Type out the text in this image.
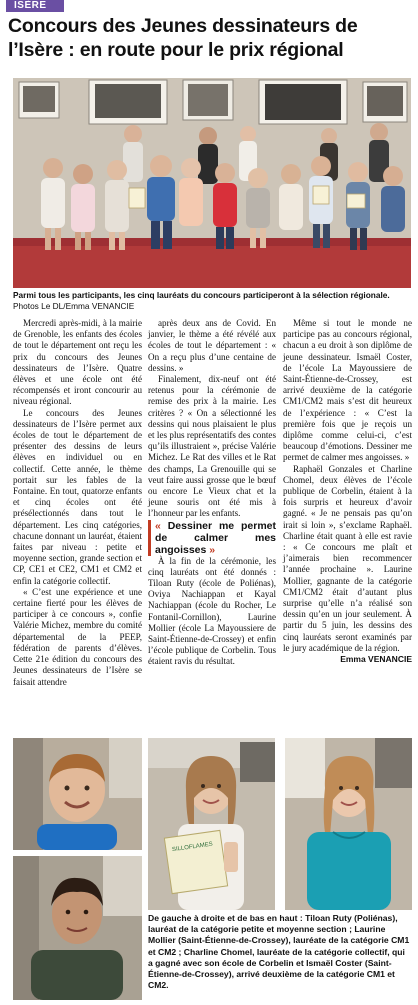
ISÈRE
Concours des Jeunes dessinateurs de l’Isère : en route pour le prix régional

Parmi tous les participants, les cinq lauréats du concours participeront à la sélection régionale. Photos Le DL/Emma VENANCIE

Mercredi après-midi, à la mairie de Grenoble, les enfants des écoles de tout le département ont reçu les prix du concours des Jeunes dessinateurs de l’Isère. Quatre élèves et une école ont été récompensés et iront concourir au niveau régional.

Le concours des Jeunes dessinateurs de l’Isère permet aux écoles de tout le département de présenter des dessins de leurs élèves en individuel ou en collectif. Cette année, le thème portait sur les fables de la Fontaine. En tout, quatorze enfants et cinq écoles ont été présélectionnés dans tout le département. Les cinq catégories, chacune donnant un lauréat, étaient faites par niveau : petite et moyenne section, grande section et CP, CE1 et CE2, CM1 et CM2 et enfin la catégorie collectif.

« C’est une expérience et une certaine fierté pour les élèves de participer à ce concours », confie Valérie Michez, membre du comité départemental de la PEEP, fédération de parents d’élèves. Cette 21e édition du concours des Jeunes dessinateurs de l’Isère se faisait attendre

après deux ans de Covid. En janvier, le thème a été révélé aux écoles de tout le département : « On a reçu plus d’une centaine de dessins. »

Finalement, dix-neuf ont été retenus pour la cérémonie de remise des prix à la mairie. Les critères ? « On a sélectionné les dessins qui nous plaisaient le plus et les plus représentatifs des contes qu’ils illustraient », précise Valérie Michez. Le Rat des villes et le Rat des champs, La Grenouille qui se veut faire aussi grosse que le bœuf ou encore Le Vieux chat et la jeune souris ont été mis à l’honneur par les enfants.

« Dessiner me permet de calmer mes angoisses »

À la fin de la cérémonie, les cinq lauréats ont été donnés : Tiloan Ruty (école de Poliénas), Oviya Nachiappan et Kayal Nachiappan (école du Rocher, Le Fontanil-Cornillon), Laurine Mollier (école La Mayoussiere de Saint-Étienne-de-Crossey) et enfin l’école publique de Corbelin. Tous étaient ravis du résultat.

Même si tout le monde ne participe pas au concours régional, chacun a eu droit à son diplôme de jeune dessinateur. Ismaël Coster, de l’école La Mayoussiere de Saint-Étienne-de-Crossey, est arrivé deuxième de la catégorie CM1/CM2 mais s’est dit heureux de l’expérience : « C’est la première fois que je reçois un diplôme comme celui-ci, c’est beaucoup d’émotions. Dessiner me permet de calmer mes angoisses. »

Raphaël Gonzales et Charline Chomel, deux élèves de l’école publique de Corbelin, étaient à la fois surpris et heureux d’avoir gagné. « Je ne pensais pas qu’on irait si loin », s’exclame Raphaël. Charline était quant à elle est ravie : « Ce concours me plaît et j’aimerais bien recommencer l’année prochaine ». Laurine Mollier, gagnante de la catégorie CM1/CM2 était d’autant plus surprise qu’elle n’a réalisé son dessin qu’en un jour seulement. À partir du 5 juin, les dessins des cinq lauréats seront examinés par le jury académique de la région.

Emma VENANCIE

SILLOFLAMES

De gauche à droite et de bas en haut : Tiloan Ruty (Poliénas), lauréat de la catégorie petite et moyenne section ; Laurine Mollier (Saint-Étienne-de-Crossey), lauréate de la catégorie CM1 et CM2 ; Charline Chomel, lauréate de la catégorie collectif, qui a gagné avec son école de Corbelin et Ismaël Coster (Saint-Étienne-de-Crossey), arrivé deuxième de la catégorie CM1 et CM2.
